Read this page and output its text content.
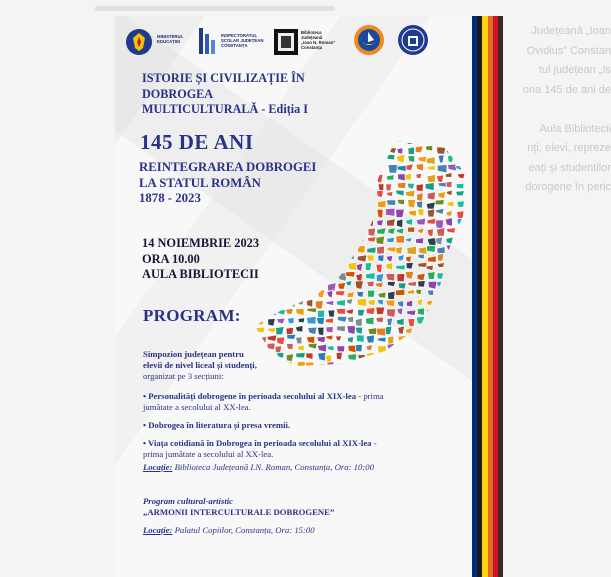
Județeană „Ioan
Ovidius” Constan
tul județean „Is
ona 145 de ani de

Aula Bibliotecii
nți, elevi, repreze
eați și studentilor
dorogene în peric

MINISTERUL EDUCAȚIEI
INSPECTORATUL ȘCOLAR JUDEȚEAN CONSTANȚA
Biblioteca
Județeană
„Ioan N. Roman”
Constanța
ISTORIE ȘI CIVILIZAȚIE ÎN
DOBROGEA
MULTICULTURALĂ - Ediția I
145 DE ANI
REINTEGRAREA DOBROGEI
LA STATUL ROMÂN
1878 - 2023
14 NOIEMBRIE 2023
ORA 10.00
AULA BIBLIOTECII
PROGRAM:
Simpozion județean pentru
elevii de nivel liceal și studenți,
organizat pe 3 secțiuni:
• Personalități dobrogene în perioada secolului al XIX-lea - prima jumătate a secolului al XX-lea.
• Dobrogea în literatura și presa vremii.
• Viața cotidiană în Dobrogea în perioada secolului al XIX-lea - prima jumătate a secolului al XX-lea.
Locație: Biblioteca Județeană I.N. Roman, Constanța, Ora: 10:00
Program cultural-artistic
„ARMONII INTERCULTURALE DOBROGENE”
Locație: Palatul Copiilor, Constanța, Ora: 15:00
